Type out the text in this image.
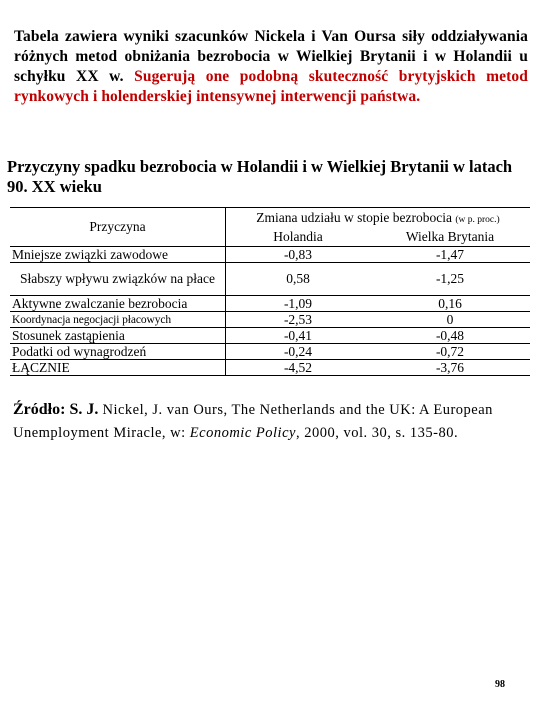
Tabela zawiera wyniki szacunków Nickela i Van Oursa siły oddziaływania różnych metod obniżania bezrobocia w Wielkiej Brytanii i w Holandii u schyłku XX w. Sugerują one podobną skuteczność brytyjskich metod rynkowych i holenderskiej intensywnej interwencji państwa.
Przyczyny spadku bezrobocia w Holandii i w Wielkiej Brytanii w latach 90. XX wieku
Przyczyna	Zmiana udziału w stopie bezrobocia (w p. proc.)	
	Holandia	Wielka Brytania
Mniejsze związki zawodowe	-0,83	-1,47
Słabszy wpływu związków na płace	0,58	-1,25
Aktywne zwalczanie bezrobocia	-1,09	0,16
Koordynacja negocjacji płacowych	-2,53	0
Stosunek zastąpienia	-0,41	-0,48
Podatki od wynagrodzeń	-0,24	-0,72
ŁĄCZNIE	-4,52	-3,76
Źródło: S. J. Nickel, J. van Ours, The Netherlands and the UK: A European Unemployment Miracle, w: Economic Policy, 2000, vol. 30, s. 135-80.
98
